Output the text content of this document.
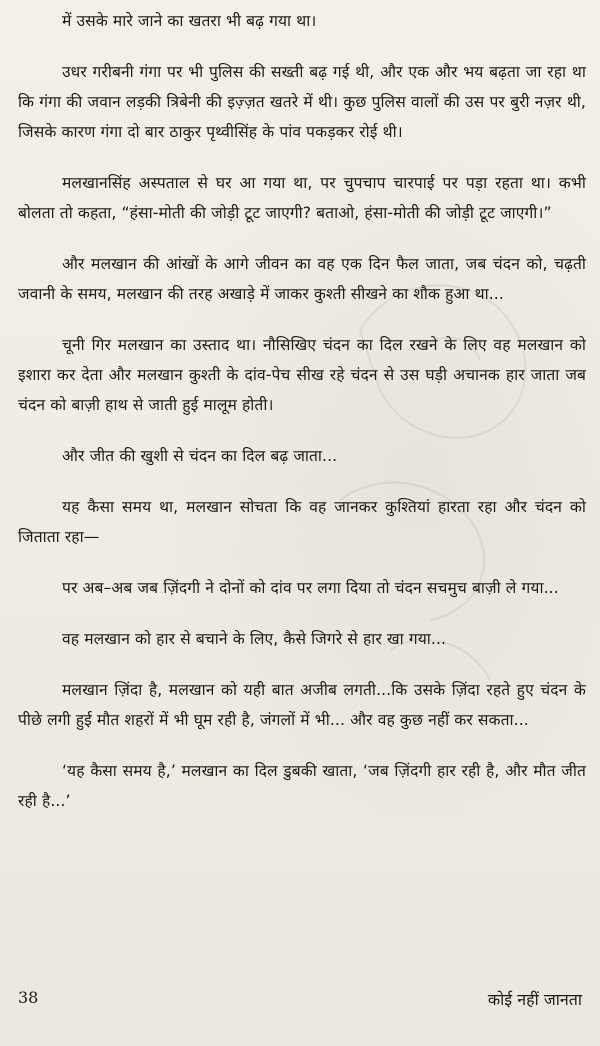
में उसके मारे जाने का खतरा भी बढ़ गया था।

उधर गरीबनी गंगा पर भी पुलिस की सख्ती बढ़ गई थी, और एक और भय बढ़ता जा रहा था कि गंगा की जवान लड़की त्रिबेनी की इज़्ज़त खतरे में थी। कुछ पुलिस वालों की उस पर बुरी नज़र थी, जिसके कारण गंगा दो बार ठाकुर पृथ्वीसिंह के पांव पकड़कर रोई थी।

मलखानसिंह अस्पताल से घर आ गया था, पर चुपचाप चारपाई पर पड़ा रहता था। कभी बोलता तो कहता, “हंसा-मोती की जोड़ी टूट जाएगी? बताओ, हंसा-मोती की जोड़ी टूट जाएगी।”

और मलखान की आंखों के आगे जीवन का वह एक दिन फैल जाता, जब चंदन को, चढ़ती जवानी के समय, मलखान की तरह अखाड़े में जाकर कुश्ती सीखने का शौक हुआ था...

चूनी गिर मलखान का उस्ताद था। नौसिखिए चंदन का दिल रखने के लिए वह मलखान को इशारा कर देता और मलखान कुश्ती के दांव-पेच सीख रहे चंदन से उस घड़ी अचानक हार जाता जब चंदन को बाज़ी हाथ से जाती हुई मालूम होती।

और जीत की खुशी से चंदन का दिल बढ़ जाता...

यह कैसा समय था, मलखान सोचता कि वह जानकर कुश्तियां हारता रहा और चंदन को जिताता रहा—

पर अब–अब जब ज़िंदगी ने दोनों को दांव पर लगा दिया तो चंदन सचमुच बाज़ी ले गया...

वह मलखान को हार से बचाने के लिए, कैसे जिगरे से हार खा गया...

मलखान ज़िंदा है, मलखान को यही बात अजीब लगती...कि उसके ज़िंदा रहते हुए चंदन के पीछे लगी हुई मौत शहरों में भी घूम रही है, जंगलों में भी... और वह कुछ नहीं कर सकता...

‘यह कैसा समय है,’ मलखान का दिल डुबकी खाता, ‘जब ज़िंदगी हार रही है, और मौत जीत रही है...’

38	कोई नहीं जानता
